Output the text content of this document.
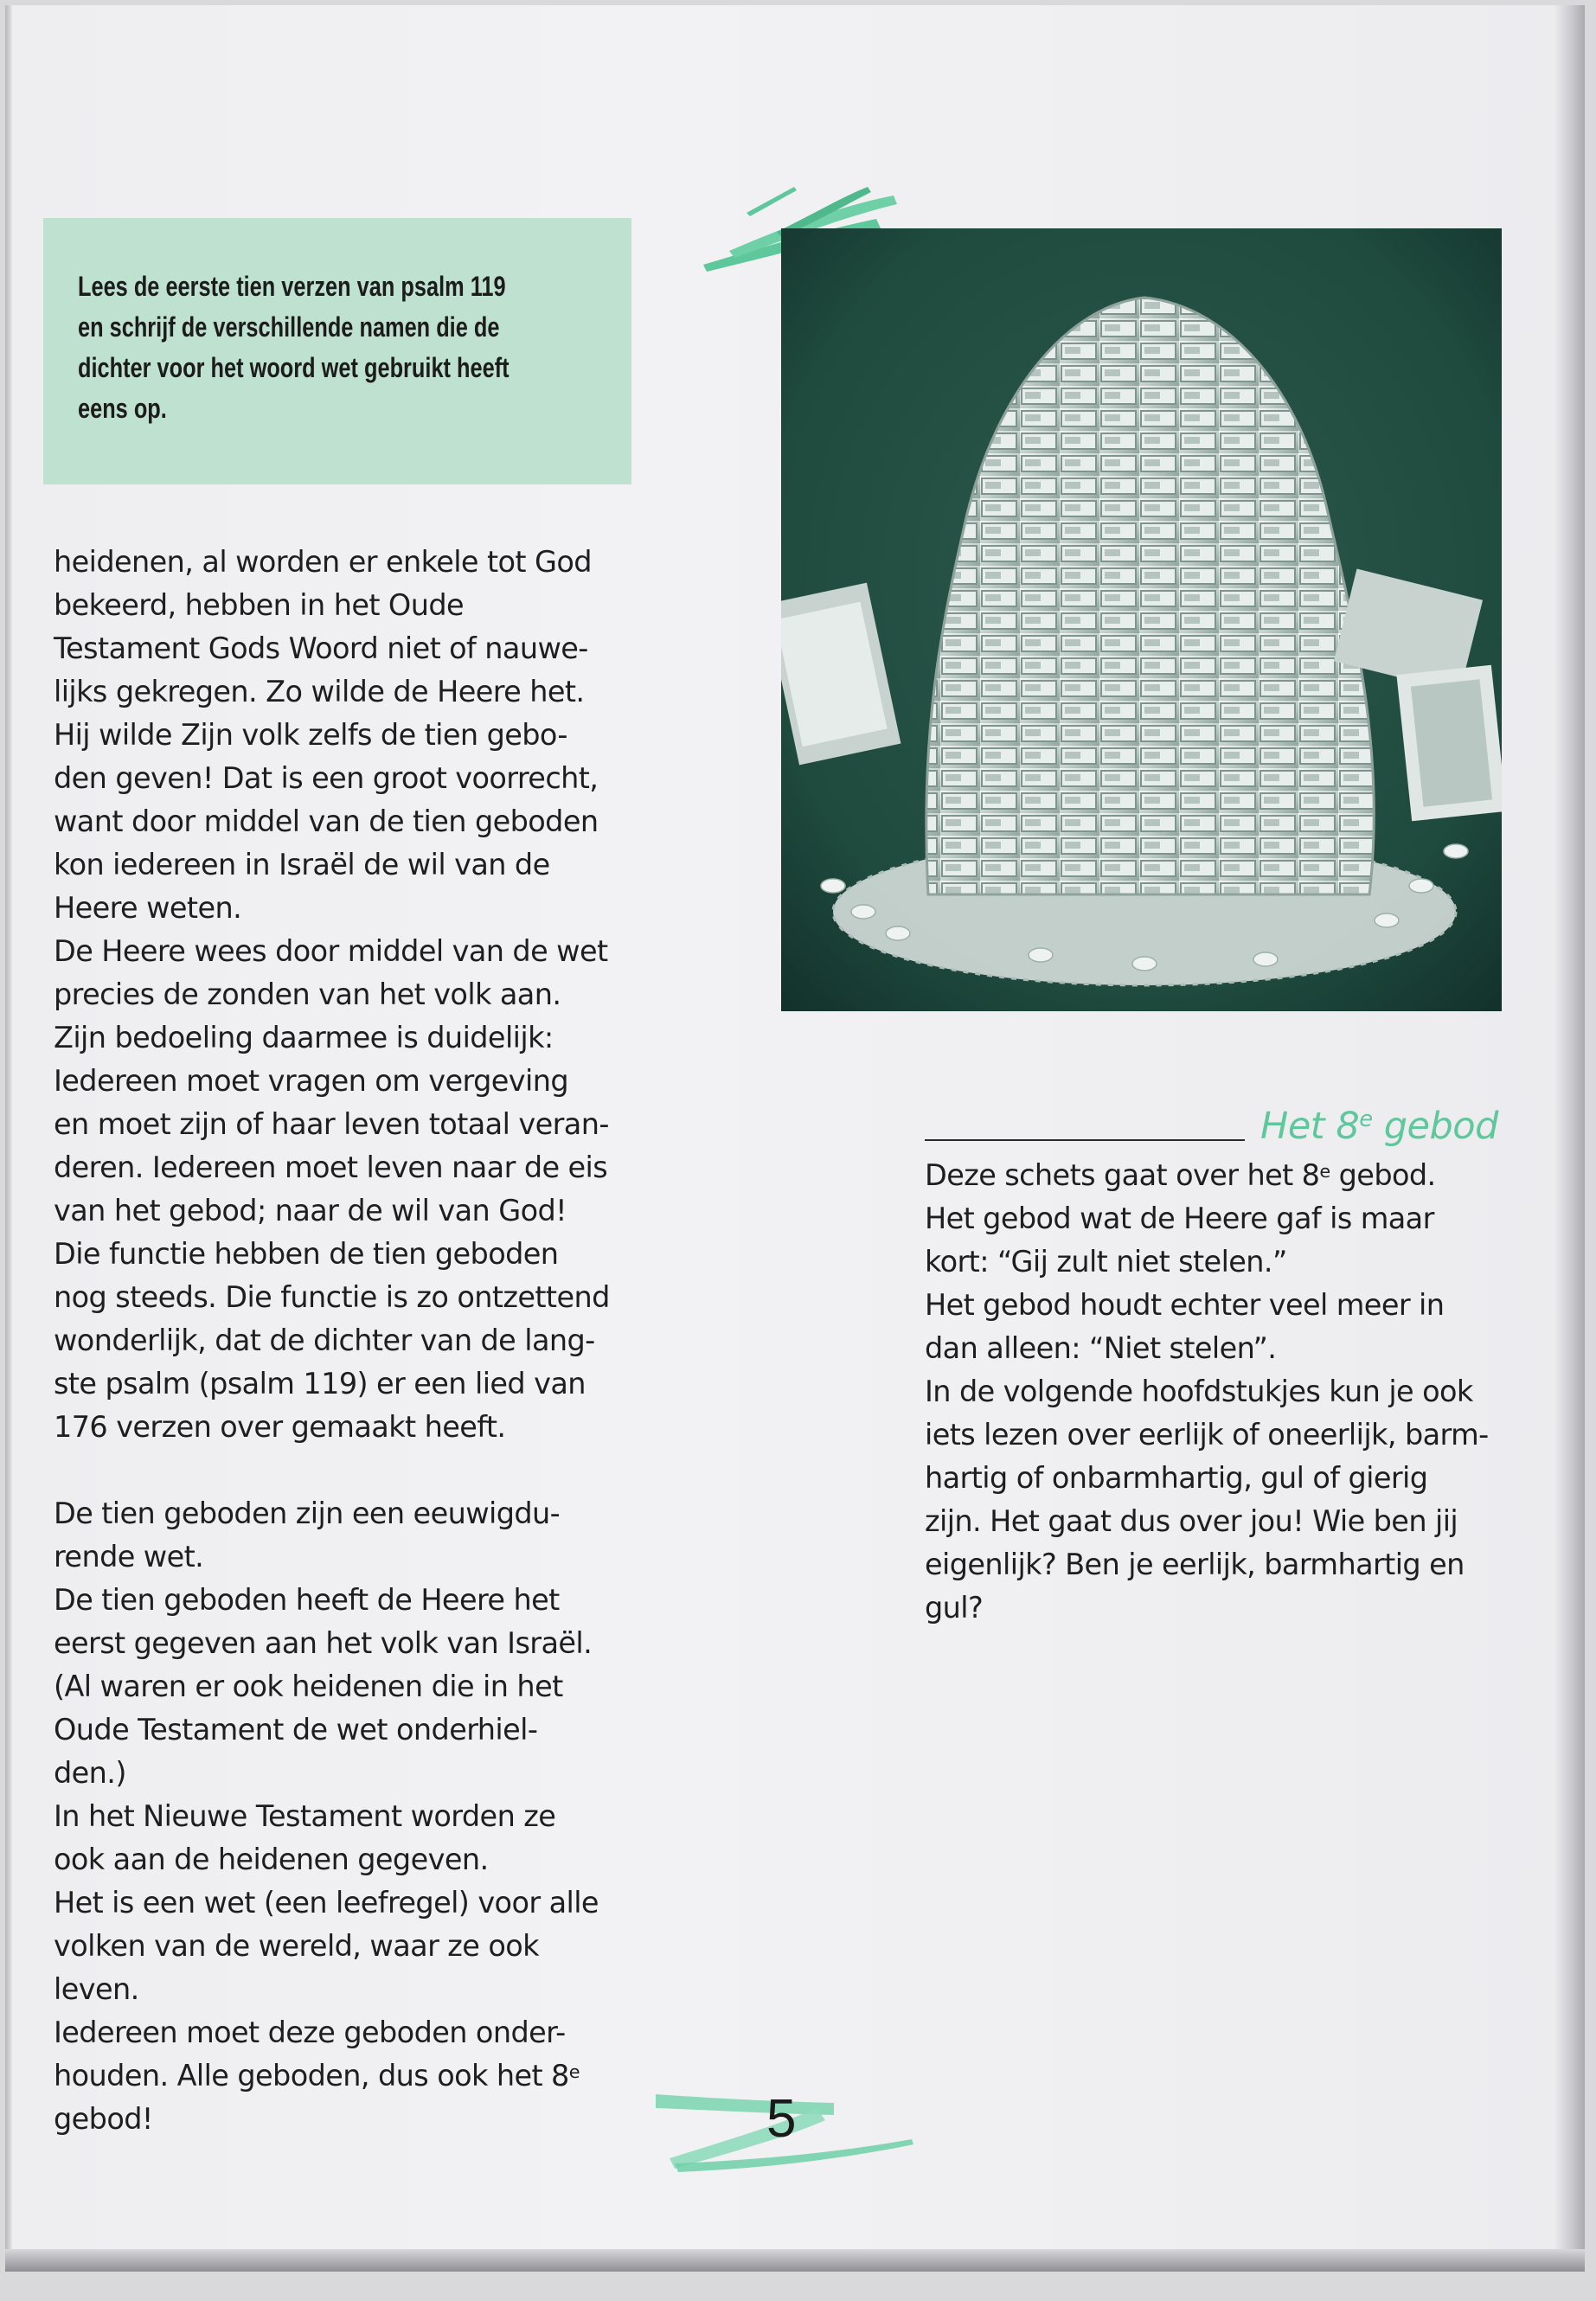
Lees de eerste tien verzen van psalm 119
en schrijf de verschillende namen die de
dichter voor het woord wet gebruikt heeft
eens op.
heidenen, al worden er enkele tot God
bekeerd, hebben in het Oude
Testament Gods Woord niet of nauwe-
lijks gekregen. Zo wilde de Heere het.
Hij wilde Zijn volk zelfs de tien gebo-
den geven! Dat is een groot voorrecht,
want door middel van de tien geboden
kon iedereen in Israël de wil van de
Heere weten.
De Heere wees door middel van de wet
precies de zonden van het volk aan.
Zijn bedoeling daarmee is duidelijk:
Iedereen moet vragen om vergeving
en moet zijn of haar leven totaal veran-
deren. Iedereen moet leven naar de eis
van het gebod; naar de wil van God!
Die functie hebben de tien geboden
nog steeds. Die functie is zo ontzettend
wonderlijk, dat de dichter van de lang-
ste psalm (psalm 119) er een lied van
176 verzen over gemaakt heeft.
De tien geboden zijn een eeuwigdu-
rende wet.
De tien geboden heeft de Heere het
eerst gegeven aan het volk van Israël.
(Al waren er ook heidenen die in het
Oude Testament de wet onderhiel-
den.)
In het Nieuwe Testament worden ze
ook aan de heidenen gegeven.
Het is een wet (een leefregel) voor alle
volken van de wereld, waar ze ook
leven.
Iedereen moet deze geboden onder-
houden. Alle geboden, dus ook het 8e
gebod!
Het 8e gebod
Deze schets gaat over het 8e gebod.
Het gebod wat de Heere gaf is maar
kort: “Gij zult niet stelen.”
Het gebod houdt echter veel meer in
dan alleen: “Niet stelen”.
In de volgende hoofdstukjes kun je ook
iets lezen over eerlijk of oneerlijk, barm-
hartig of onbarmhartig, gul of gierig
zijn. Het gaat dus over jou! Wie ben jij
eigenlijk? Ben je eerlijk, barmhartig en
gul?
5
